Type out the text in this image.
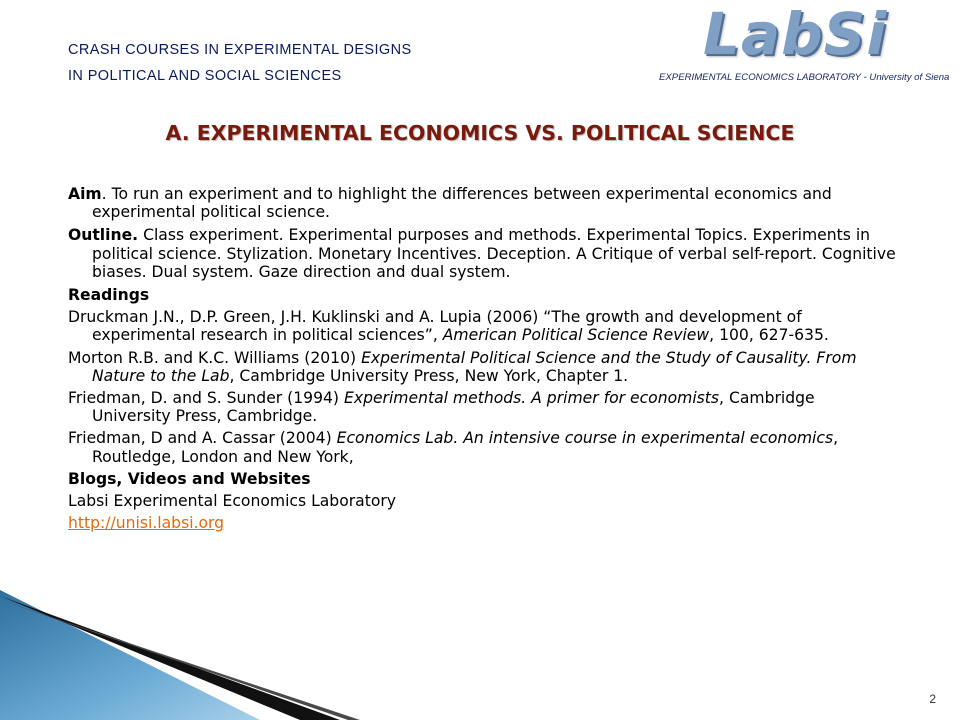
CRASH COURSES IN EXPERIMENTAL DESIGNS
IN POLITICAL AND SOCIAL SCIENCES
LabSi
EXPERIMENTAL ECONOMICS LABORATORY - University of Siena
A. EXPERIMENTAL ECONOMICS VS. POLITICAL SCIENCE

Aim. To run an experiment and to highlight the differences between experimental economics and experimental political science.

Outline. Class experiment. Experimental purposes and methods. Experimental Topics. Experiments in political science. Stylization. Monetary Incentives. Deception. A Critique of verbal self-report. Cognitive biases. Dual system. Gaze direction and dual system.

Readings

Druckman J.N., D.P. Green, J.H. Kuklinski and A. Lupia (2006) “The growth and development of experimental research in political sciences”, American Political Science Review, 100, 627-635.

Morton R.B. and K.C. Williams (2010) Experimental Political Science and the Study of Causality. From Nature to the Lab, Cambridge University Press, New York, Chapter 1.

Friedman, D. and S. Sunder (1994) Experimental methods. A primer for economists, Cambridge University Press, Cambridge.

Friedman, D and A. Cassar (2004) Economics Lab. An intensive course in experimental economics, Routledge, London and New York,

Blogs, Videos and Websites

Labsi Experimental Economics Laboratory

http://unisi.labsi.org

2
